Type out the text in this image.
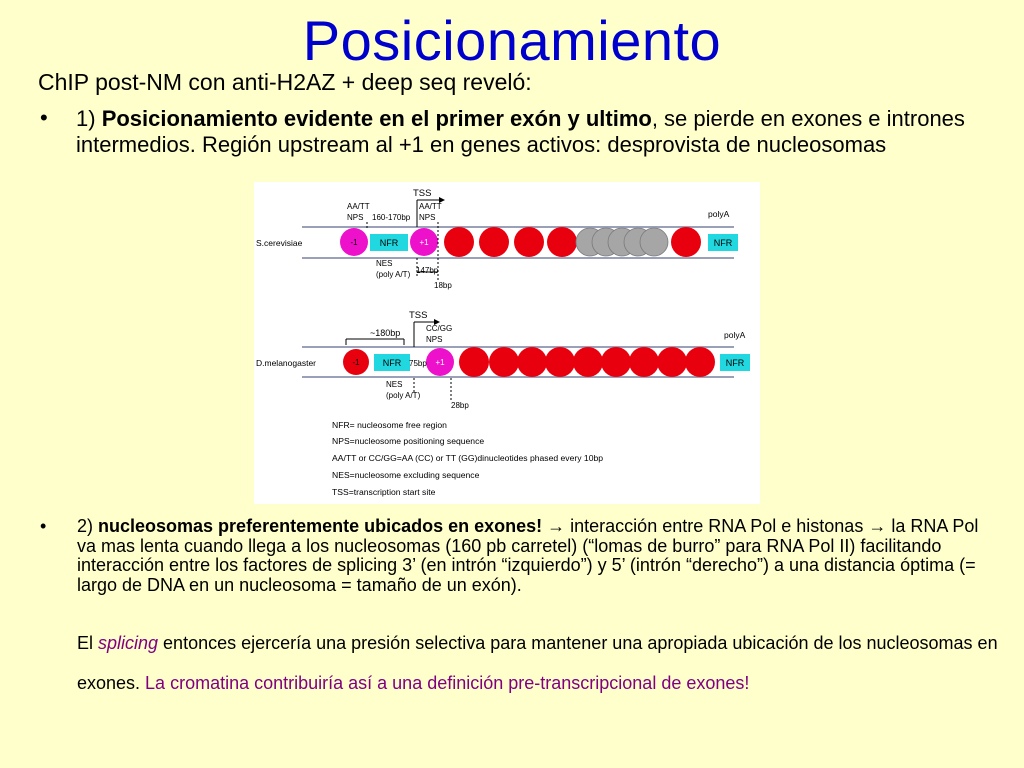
Posicionamiento
ChIP post-NM con anti-H2AZ + deep seq reveló:
• 1) Posicionamiento evidente en el primer exón y ultimo, se pierde en exones e intrones intermedios. Región upstream al +1 en genes activos: desprovista de nucleosomas
S.cerevisiae
TSS
AA/TT
NPS 160-170bp
AA/TT
NPS	polyA
-1 NFR	+1	NFR
NES
(poly A/T) 147bp
18bp
D.melanogaster
TSS
~180bp	CC/GG
NPS	polyA
-1	NFR	+1
75bp	NFR
NES
(poly A/T)
28bp
NFR= nucleosome free region
NPS=nucleosome positioning sequence
AA/TT or CC/GG=AA (CC) or TT (GG)dinucleotides phased every 10bp
NES=nucleosome excluding sequence
TSS=transcription start site
• 2) nucleosomas preferentemente ubicados en exones! → interacción entre RNA Pol e histonas → la RNA Pol va mas lenta cuando llega a los nucleosomas (160 pb carretel) (“lomas de burro” para RNA Pol II) facilitando interacción entre los factores de splicing 3’ (en intrón “izquierdo”) y 5’ (intrón “derecho”) a una distancia óptima (= largo de DNA en un nucleosoma = tamaño de un exón).
El splicing entonces ejercería una presión selectiva para mantener una apropiada ubicación de los nucleosomas en exones. La cromatina contribuiría así a una definición pre-transcripcional de exones!
